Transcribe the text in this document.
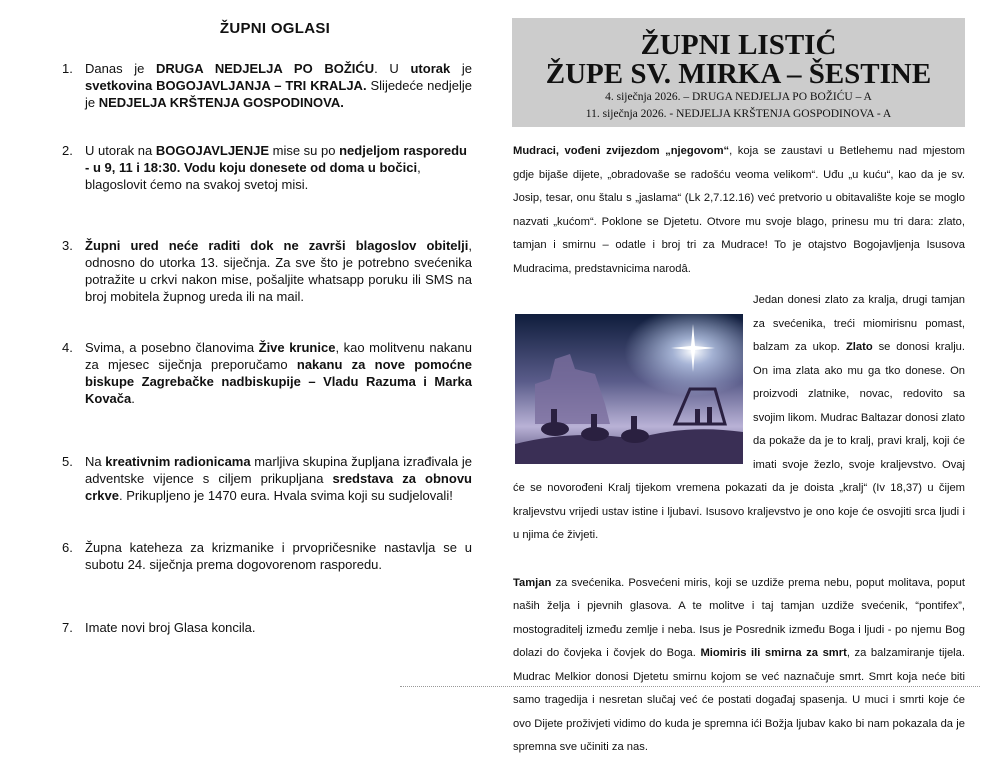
ŽUPNI OGLASI
1. Danas je DRUGA NEDJELJA PO BOŽIĆU. U utorak je svetkovina BOGOJAVLJANJA – TRI KRALJA. Slijedeće nedjelje je NEDJELJA KRŠTENJA GOSPODINOVA.
2. U utorak na BOGOJAVLJENJE mise su po nedjeljom rasporedu - u 9, 11 i 18:30. Vodu koju donesete od doma u bočici, blagoslovit ćemo na svakoj svetoj misi.
3. Župni ured neće raditi dok ne završi blagoslov obitelji, odnosno do utorka 13. siječnja. Za sve što je potrebno svećenika potražite u crkvi nakon mise, pošaljite whatsapp poruku ili SMS na broj mobitela župnog ureda ili na mail.
4. Svima, a posebno članovima Žive krunice, kao molitvenu nakanu za mjesec siječnja preporučamo nakanu za nove pomoćne biskupe Zagrebačke nadbiskupije – Vladu Razuma i Marka Kovača.
5. Na kreativnim radionicama marljiva skupina župljana izrađivala je adventske vijence s ciljem prikupljana sredstava za obnovu crkve. Prikupljeno je 1470 eura. Hvala svima koji su sudjelovali!
6. Župna kateheza za krizmanike i prvopričesnike nastavlja se u subotu 24. siječnja prema dogovorenom rasporedu.
7. Imate novi broj Glasa koncila.
ŽUPNI LISTIĆ
ŽUPE SV. MIRKA – ŠESTINE
4. siječnja 2026. – DRUGA NEDJELJA PO BOŽIĆU – A
11. siječnja 2026. - NEDJELJA KRŠTENJA GOSPODINOVA - A
Mudraci, vođeni zvijezdom „njegovom“, koja se zaustavi u Betlehemu nad mjestom gdje bijaše dijete, „obradovaše se radošću veoma velikom“. Uđu „u kuću“, kao da je sv. Josip, tesar, onu štalu s „jaslama“ (Lk 2,7.12.16) već pretvorio u obitavalište koje se moglo nazvati „kućom“. Poklone se Djetetu. Otvore mu svoje blago, prinesu mu tri dara: zlato, tamjan i smirnu – odatle i broj tri za Mudrace! To je otajstvo Bogojavljenja Isusova Mudracima, predstavnicima narodâ.
Jedan donesi zlato za kralja, drugi tamjan za svećenika, treći miomirisnu pomast, balzam za ukop. Zlato se donosi kralju. On ima zlata ako mu ga tko donese. On proizvodi zlatnike, novac, redovito sa svojim likom. Mudrac Baltazar donosi zlato da pokaže da je to kralj, pravi kralj, koji će imati svoje žezlo, svoje kraljevstvo. Ovaj će se novorođeni Kralj tijekom vremena pokazati da je doista „kralj“ (Iv 18,37) u čijem kraljevstvu vrijedi ustav istine i ljubavi. Isusovo kraljevstvo je ono koje će osvojiti srca ljudi i u njima će živjeti.
Tamjan za svećenika. Posvećeni miris, koji se uzdiže prema nebu, poput molitava, poput naših želja i pjevnih glasova. A te molitve i taj tamjan uzdiže svećenik, “pontifex”, mostograditelj između zemlje i neba. Isus je Posrednik između Boga i ljudi - po njemu Bog dolazi do čovjeka i čovjek do Boga. Miomiris ili smirna za smrt, za balzamiranje tijela. Mudrac Melkior donosi Djetetu smirnu kojom se već naznačuje smrt. Smrt koja neće biti samo tragedija i nesretan slučaj već će postati događaj spasenja. U muci i smrti koje će ovo Dijete proživjeti vidimo do kuda je spremna ići Božja ljubav kako bi nam pokazala da je spremna sve učiniti za nas.
